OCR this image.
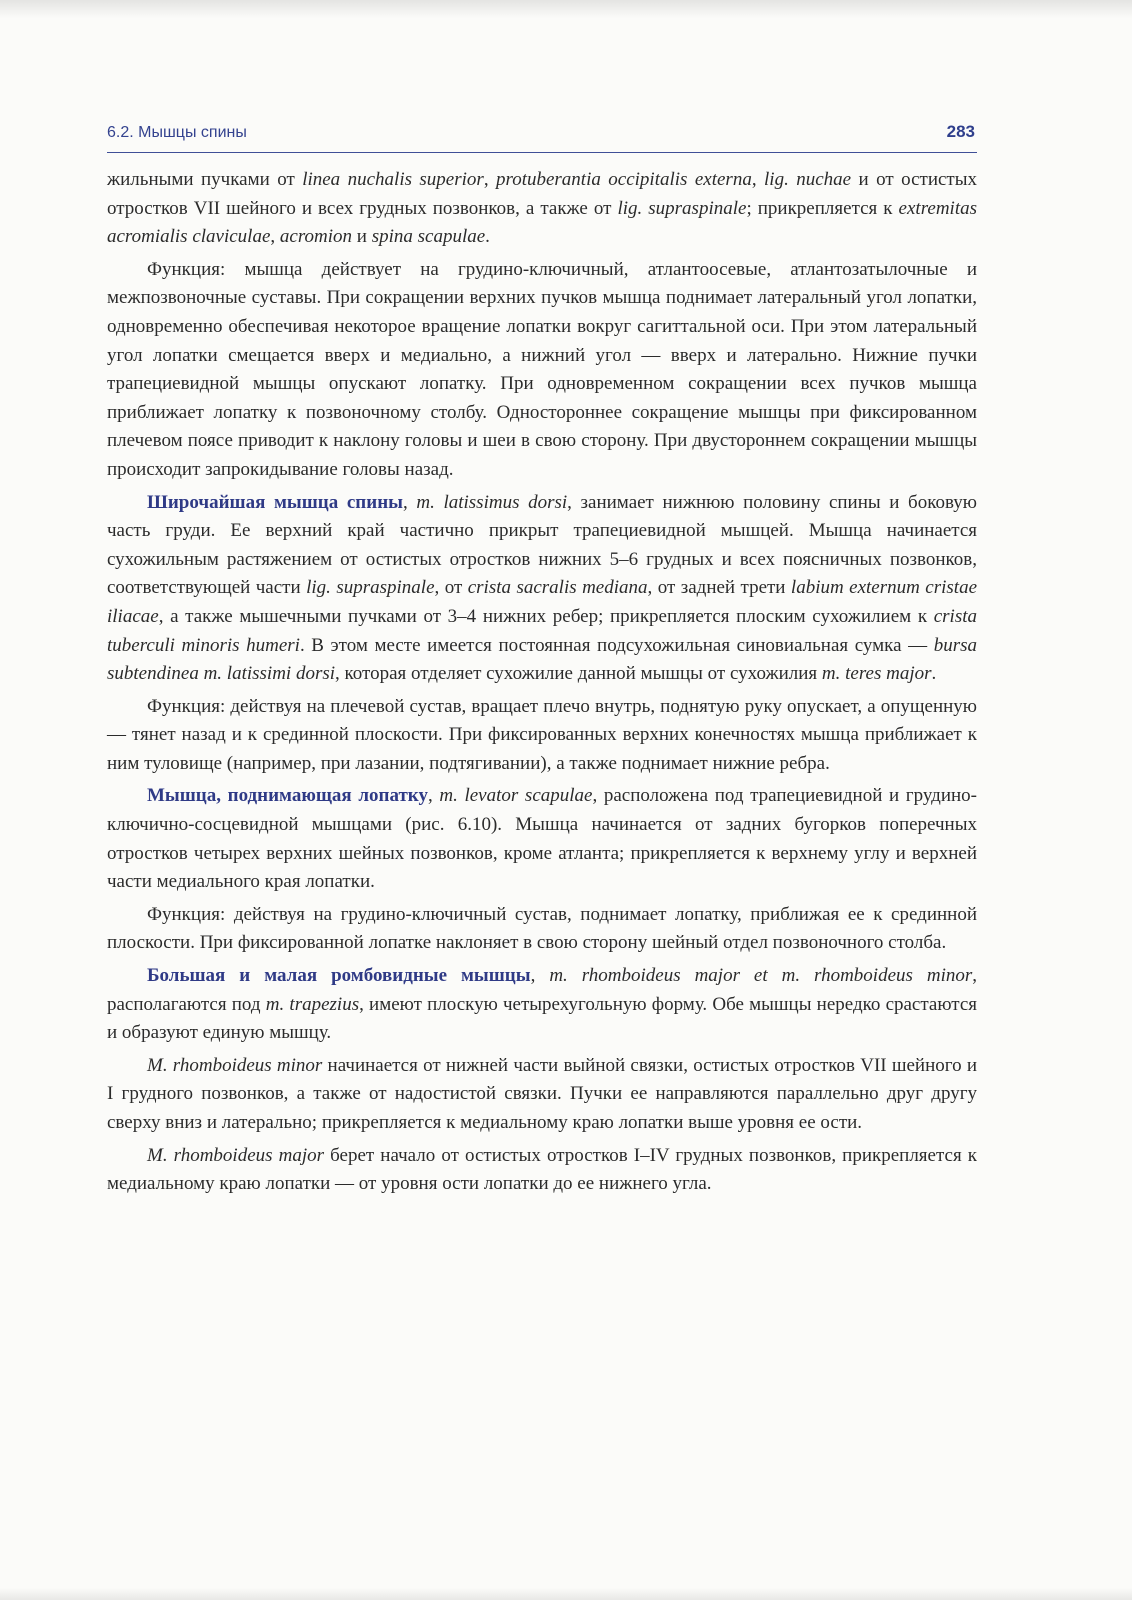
6.2. Мышцы спины	283

жильными пучками от linea nuchalis superior, protuberantia occipitalis externa, lig. nuchae и от остистых отростков VII шейного и всех грудных позвонков, а также от lig. supraspinale; прикрепляется к extremitas acromialis claviculae, acromion и spina scapulae.

Функция: мышца действует на грудино-ключичный, атлантоосевые, атлантозатылочные и межпозвоночные суставы. При сокращении верхних пучков мышца поднимает латеральный угол лопатки, одновременно обеспечивая некоторое вращение лопатки вокруг сагиттальной оси. При этом латеральный угол лопатки смещается вверх и медиально, а нижний угол — вверх и латерально. Нижние пучки трапециевидной мышцы опускают лопатку. При одновременном сокращении всех пучков мышца приближает лопатку к позвоночному столбу. Одностороннее сокращение мышцы при фиксированном плечевом поясе приводит к наклону головы и шеи в свою сторону. При двустороннем сокращении мышцы происходит запрокидывание головы назад.

Широчайшая мышца спины, m. latissimus dorsi, занимает нижнюю половину спины и боковую часть груди. Ее верхний край частично прикрыт трапециевидной мышцей. Мышца начинается сухожильным растяжением от остистых отростков нижних 5–6 грудных и всех поясничных позвонков, соответствующей части lig. supraspinale, от crista sacralis mediana, от задней трети labium externum cristae iliacae, а также мышечными пучками от 3–4 нижних ребер; прикрепляется плоским сухожилием к crista tuberculi minoris humeri. В этом месте имеется постоянная подсухожильная синовиальная сумка — bursa subtendinea m. latissimi dorsi, которая отделяет сухожилие данной мышцы от сухожилия m. teres major.

Функция: действуя на плечевой сустав, вращает плечо внутрь, поднятую руку опускает, а опущенную — тянет назад и к срединной плоскости. При фиксированных верхних конечностях мышца приближает к ним туловище (например, при лазании, подтягивании), а также поднимает нижние ребра.

Мышца, поднимающая лопатку, m. levator scapulae, расположена под трапециевидной и грудино-ключично-сосцевидной мышцами (рис. 6.10). Мышца начинается от задних бугорков поперечных отростков четырех верхних шейных позвонков, кроме атланта; прикрепляется к верхнему углу и верхней части медиального края лопатки.

Функция: действуя на грудино-ключичный сустав, поднимает лопатку, приближая ее к срединной плоскости. При фиксированной лопатке наклоняет в свою сторону шейный отдел позвоночного столба.

Большая и малая ромбовидные мышцы, m. rhomboideus major et m. rhomboideus minor, располагаются под m. trapezius, имеют плоскую четырехугольную форму. Обе мышцы нередко срастаются и образуют единую мышцу.

M. rhomboideus minor начинается от нижней части выйной связки, остистых отростков VII шейного и I грудного позвонков, а также от надостистой связки. Пучки ее направляются параллельно друг другу сверху вниз и латерально; прикрепляется к медиальному краю лопатки выше уровня ее ости.

M. rhomboideus major берет начало от остистых отростков I–IV грудных позвонков, прикрепляется к медиальному краю лопатки — от уровня ости лопатки до ее нижнего угла.
